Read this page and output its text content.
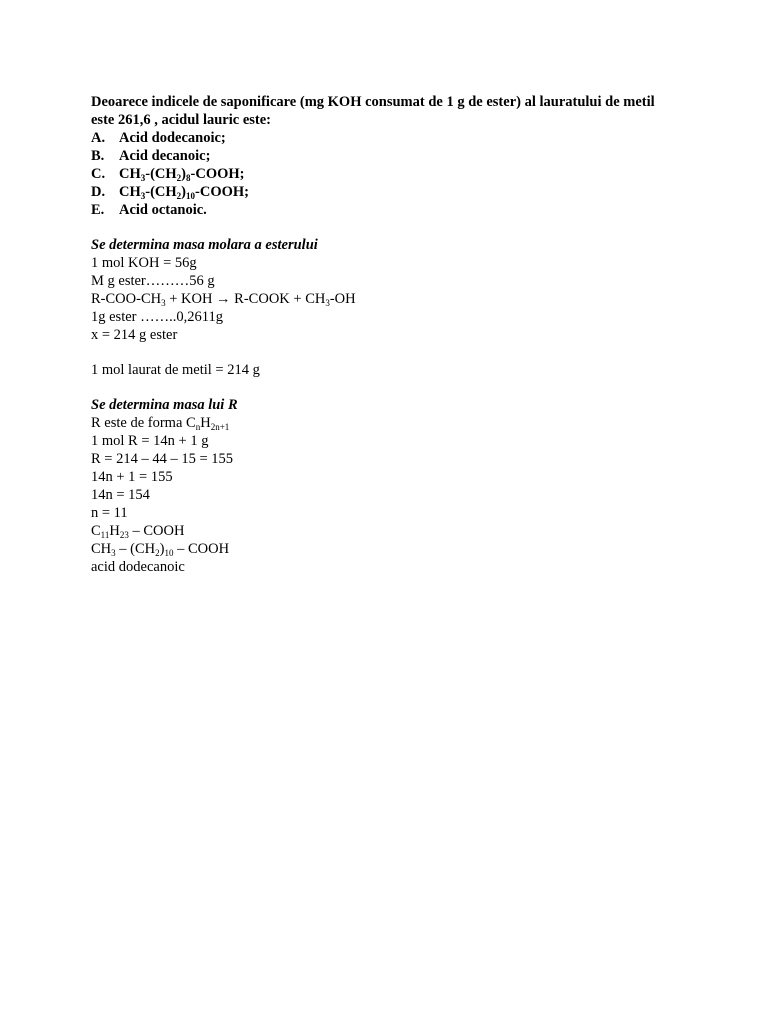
Deoarece indicele de saponificare (mg KOH consumat de 1 g de ester) al lauratului de metil
este 261,6 , acidul lauric este:
A. Acid dodecanoic;
B.	Acid decanoic;
C. $CH_3-(CH_2)_8$-COOH;
D. $CH_3-(CH_2)_{10}$-COOH;
E.	Acid octanoic.
Se determina masa molara a esterului
1 mol KOH = 56g
M g ester………56 g
$R-COO-CH_3$ + KOH → R-COOK + $CH_3-OH$
1g ester ……..0,2611g
x = 214 g ester
1 mol laurat de metil = 214 g
Se determina masa lui R
R este de forma $C_nH_{2n+1}$
1 mol R = 14n + 1 g
R = 214 – 44 – 15 = 155
14n + 1 = 155
14n = 154
n = 11
$C_{11}H_{23}$ – COOH
$CH_3 - (CH_2)_{10}$ – COOH
acid dodecanoic
